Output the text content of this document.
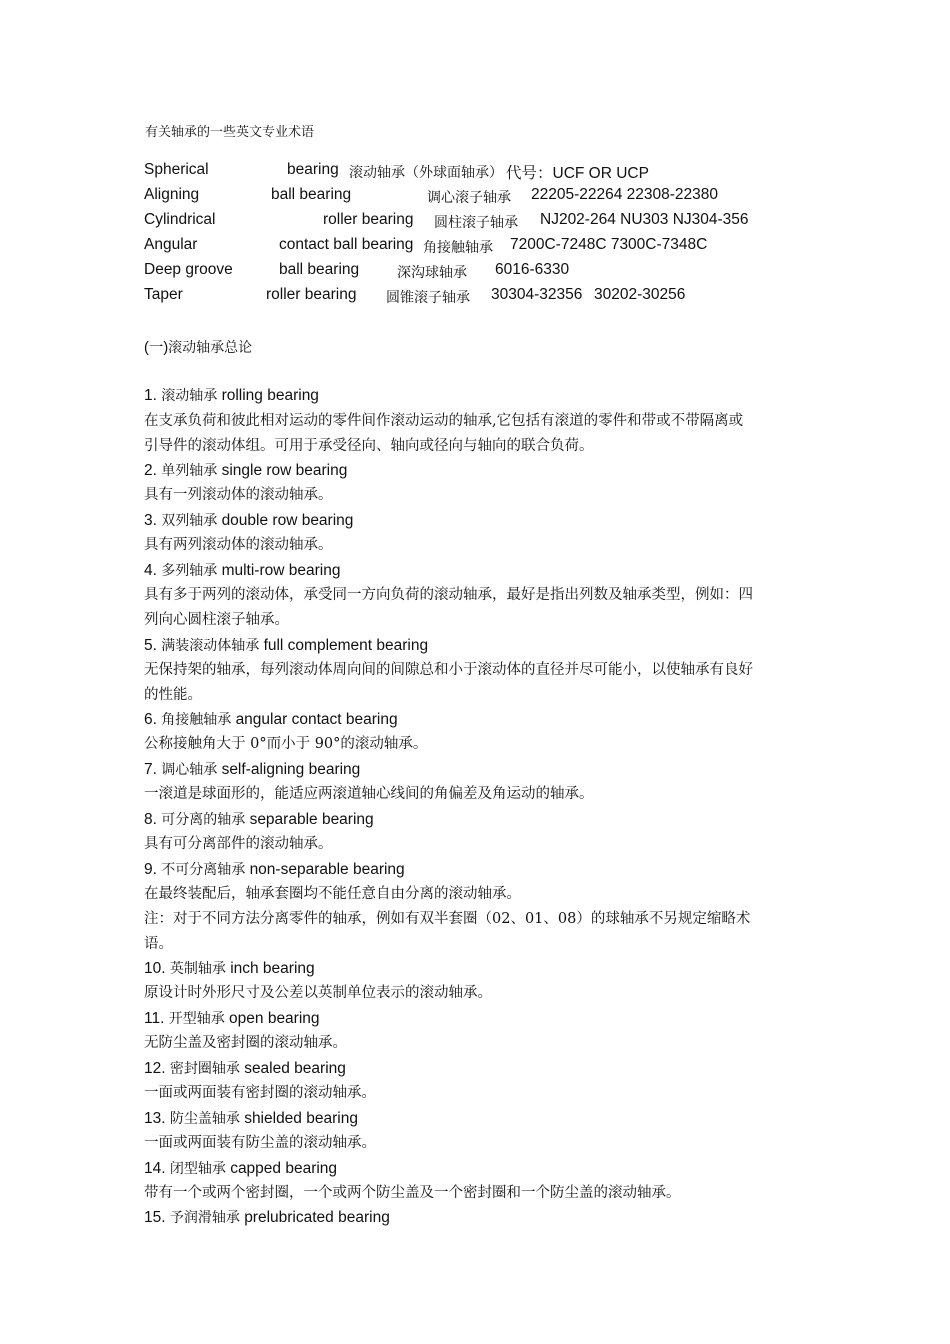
有关轴承的一些英文专业术语
Spherical	bearing 滚动轴承（外球面轴承） 代号：UCF OR UCP
Aligning	ball bearing	调心滚子轴承 22205-22264 22308-22380
Cylindrical	roller bearing 圆柱滚子轴承 NJ202-264 NU303 NJ304-356
Angular	contact ball bearing 角接触轴承 7200C-7248C 7300C-7348C
Deep groove	ball bearing	深沟球轴承 6016-6330
Taper	roller bearing 圆锥滚子轴承 30304-32356 30202-30256
(一)滚动轴承总论
1. 滚动轴承 rolling bearing
在支承负荷和彼此相对运动的零件间作滚动运动的轴承,它包括有滚道的零件和带或不带隔离或
引导件的滚动体组。可用于承受径向、轴向或径向与轴向的联合负荷。
2. 单列轴承 single row bearing
具有一列滚动体的滚动轴承。
3. 双列轴承 double row bearing
具有两列滚动体的滚动轴承。
4. 多列轴承 multi-row bearing
具有多于两列的滚动体，承受同一方向负荷的滚动轴承，最好是指出列数及轴承类型，例如：四
列向心圆柱滚子轴承。
5. 满装滚动体轴承 full complement bearing
无保持架的轴承，每列滚动体周向间的间隙总和小于滚动体的直径并尽可能小，以使轴承有良好
的性能。
6. 角接触轴承 angular contact bearing
公称接触角大于 0°而小于 90°的滚动轴承。
7. 调心轴承 self-aligning bearing
一滚道是球面形的，能适应两滚道轴心线间的角偏差及角运动的轴承。
8. 可分离的轴承 separable bearing
具有可分离部件的滚动轴承。
9. 不可分离轴承 non-separable bearing
在最终装配后，轴承套圈均不能任意自由分离的滚动轴承。
注：对于不同方法分离零件的轴承，例如有双半套圈（02、01、08）的球轴承不另规定缩略术
语。
10. 英制轴承 inch bearing
原设计时外形尺寸及公差以英制单位表示的滚动轴承。
11. 开型轴承 open bearing
无防尘盖及密封圈的滚动轴承。
12. 密封圈轴承 sealed bearing
一面或两面装有密封圈的滚动轴承。
13. 防尘盖轴承 shielded bearing
一面或两面装有防尘盖的滚动轴承。
14. 闭型轴承 capped bearing
带有一个或两个密封圈，一个或两个防尘盖及一个密封圈和一个防尘盖的滚动轴承。
15. 予润滑轴承 prelubricated bearing
